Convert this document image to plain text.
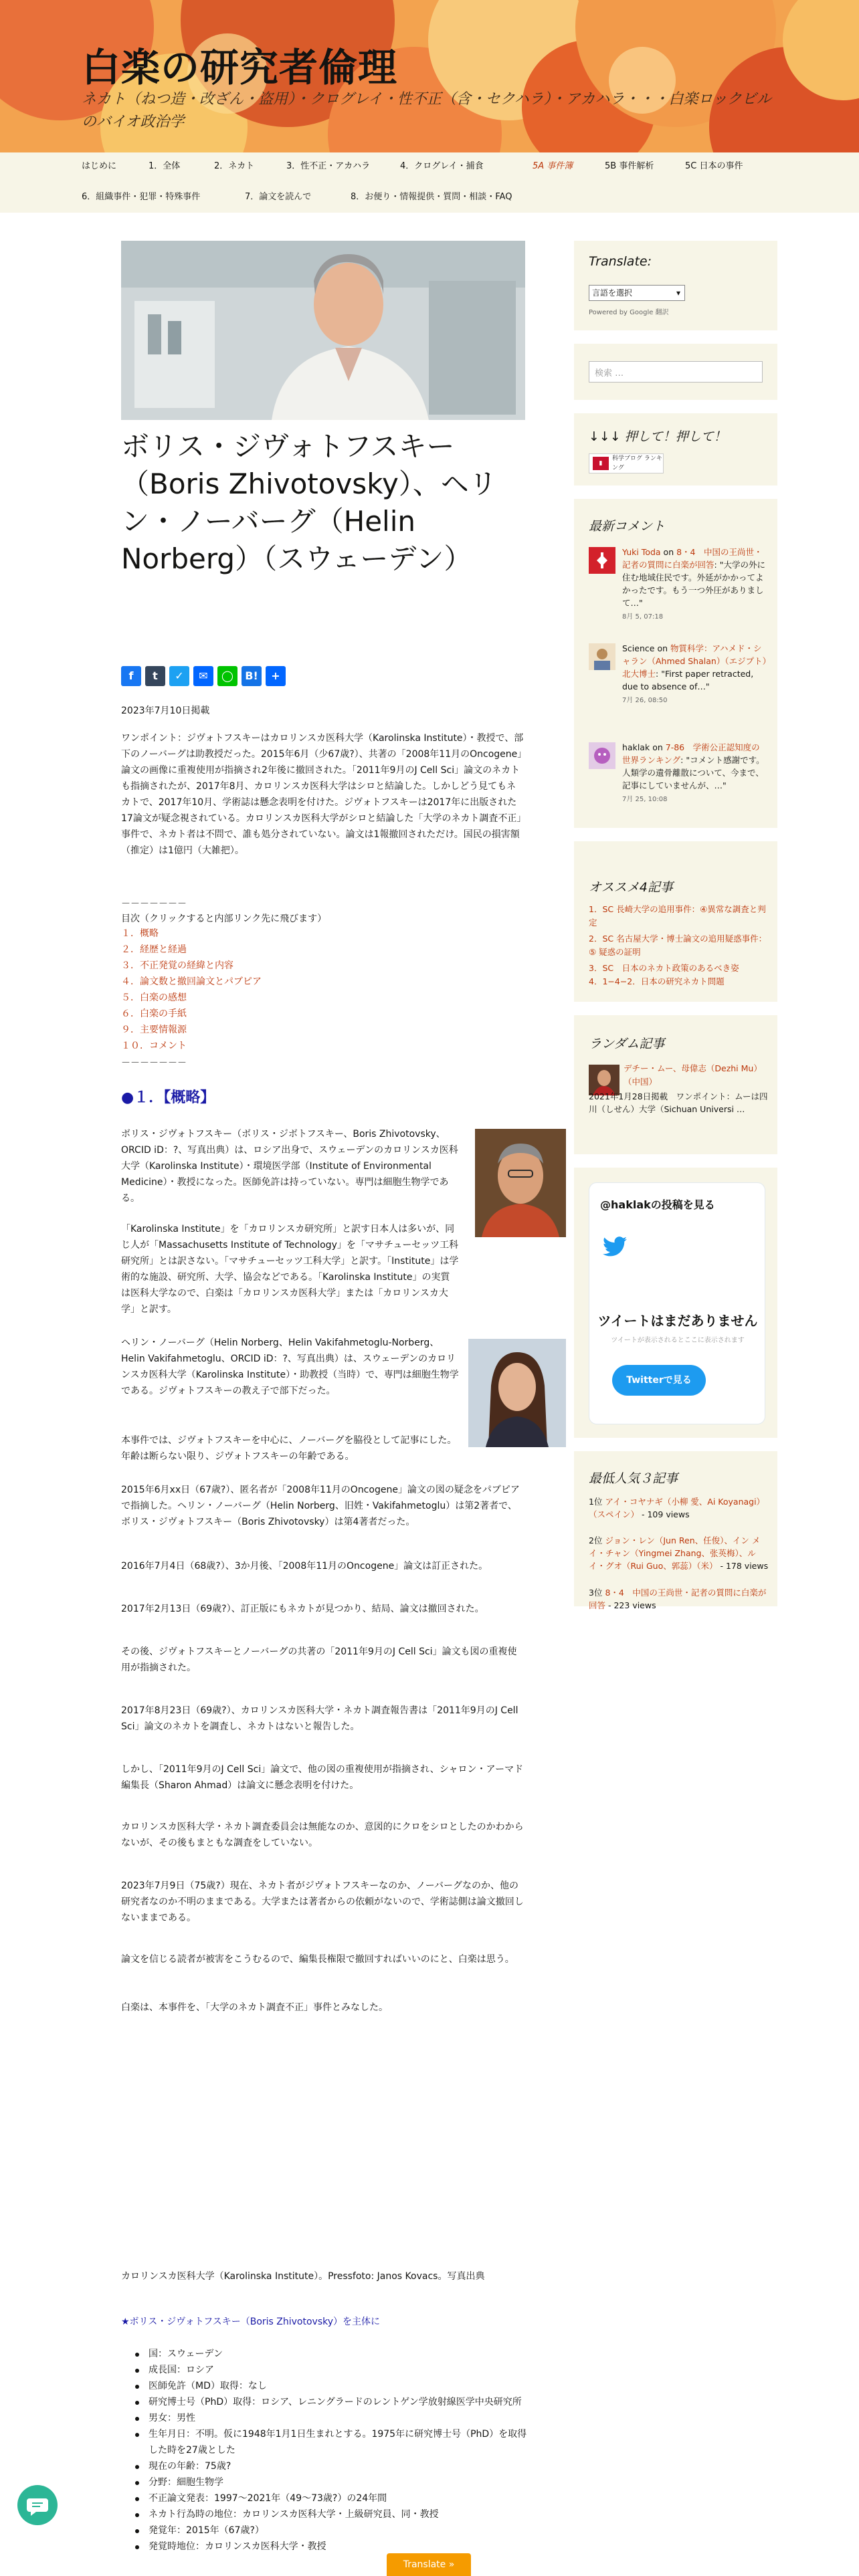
白楽の研究者倫理
ネカト（ねつ造・改ざん・盗用）・クログレイ・性不正（含・セクハラ）・アカハラ・・・白楽ロックビルのバイオ政治学
はじめに	1．全体	2．ネカト	3．性不正・アカハラ	4．クログレイ・捕食	5A 事件簿	5B 事件解析	5C 日本の事件
6．組織事件・犯罪・特殊事件	7．論文を読んで	8．お便り・情報提供・質問・相談・FAQ
ボリス・ジヴォトフスキー（Boris Zhivotovsky）、ヘリン・ノーバーグ（Helin Norberg）（スウェーデン）
f	t	✓	✉	◯	B!	+
2023年7月10日掲載
ワンポイント：ジヴォトフスキーはカロリンスカ医科大学（Karolinska Institute）・教授で、部下のノーバーグは助教授だった。2015年6月（少67歳?）、共著の「2008年11月のOncogene」論文の画像に重複使用が指摘され2年後に撤回された。「2011年9月のJ Cell Sci」論文のネカトも指摘されたが、2017年8月、カロリンスカ医科大学はシロと結論した。しかしどう見てもネカトで、2017年10月、学術誌は懸念表明を付けた。ジヴォトフスキーは2017年に出版された17論文が疑念視されている。カロリンスカ医科大学がシロと結論した「大学のネカト調査不正」事件で、ネカト者は不問で、誰も処分されていない。論文は1報撤回されただけ。国民の損害額（推定）は1億円（大雑把）。
－－－－－－－
目次（クリックすると内部リンク先に飛びます）
１．概略
２．経歴と経過
３．不正発覚の経緯と内容
４．論文数と撤回論文とパブピア
５．白楽の感想
６．白楽の手紙
９．主要情報源
１０．コメント
－－－－－－－
●１．【概略】
ボリス・ジヴォトフスキー（ボリス・ジボトフスキー、Boris Zhivotovsky、ORCID iD：?、写真出典）は、ロシア出身で、スウェーデンのカロリンスカ医科大学（Karolinska Institute）・環境医学部（Institute of Environmental Medicine）・教授になった。医師免許は持っていない。専門は細胞生物学である。
「Karolinska Institute」を「カロリンスカ研究所」と訳す日本人は多いが、同じ人が「Massachusetts Institute of Technology」を「マサチューセッツ工科研究所」とは訳さない。「マサチューセッツ工科大学」と訳す。「Institute」は学術的な施設、研究所、大学、協会などである。「Karolinska Institute」の実質は医科大学なので、白楽は「カロリンスカ医科大学」または「カロリンスカ大学」と訳す。
ヘリン・ノーバーグ（Helin Norberg、Helin Vakifahmetoglu-Norberg、Helin Vakifahmetoglu、ORCID iD：?、写真出典）は、スウェーデンのカロリンスカ医科大学（Karolinska Institute）・助教授（当時）で、専門は細胞生物学である。ジヴォトフスキーの教え子で部下だった。
本事件では、ジヴォトフスキーを中心に、ノーバーグを脇役として記事にした。年齢は断らない限り、ジヴォトフスキーの年齢である。
2015年6月xx日（67歳?）、匿名者が「2008年11月のOncogene」論文の図の疑念をパブピアで指摘した。ヘリン・ノーバーグ（Helin Norberg、旧姓・Vakifahmetoglu）は第2著者で、ボリス・ジヴォトフスキー（Boris Zhivotovsky）は第4著者だった。
2016年7月4日（68歳?）、3か月後、「2008年11月のOncogene」論文は訂正された。
2017年2月13日（69歳?）、訂正版にもネカトが見つかり、結局、論文は撤回された。
その後、ジヴォトフスキーとノーバーグの共著の「2011年9月のJ Cell Sci」論文も図の重複使用が指摘された。
2017年8月23日（69歳?）、カロリンスカ医科大学・ネカト調査報告書は「2011年9月のJ Cell Sci」論文のネカトを調査し、ネカトはないと報告した。
しかし、「2011年9月のJ Cell Sci」論文で、他の図の重複使用が指摘され、シャロン・アーマド編集長（Sharon Ahmad）は論文に懸念表明を付けた。
カロリンスカ医科大学・ネカト調査委員会は無能なのか、意図的にクロをシロとしたのかわからないが、その後もまともな調査をしていない。
2023年7月9日（75歳?）現在、ネカト者がジヴォトフスキーなのか、ノーバーグなのか、他の研究者なのか不明のままである。大学または著者からの依頼がないので、学術誌側は論文撤回しないままである。
論文を信じる読者が被害をこうむるので、編集長権限で撤回すればいいのにと、白楽は思う。
白楽は、本事件を、「大学のネカト調査不正」事件とみなした。
カロリンスカ医科大学（Karolinska Institute）。Pressfoto: Janos Kovacs。写真出典
★ボリス・ジヴォトフスキー（Boris Zhivotovsky）を主体に
国：スウェーデン
成長国：ロシア
医師免許（MD）取得：なし
研究博士号（PhD）取得：ロシア、レニングラードのレントゲン学放射線医学中央研究所
男女：男性
生年月日：不明。仮に1948年1月1日生まれとする。1975年に研究博士号（PhD）を取得した時を27歳とした
現在の年齢：75歳?
分野：細胞生物学
不正論文発表：1997〜2021年（49〜73歳?）の24年間
ネカト行為時の地位：カロリンスカ医科大学・上級研究員、同・教授
発覚年：2015年（67歳?）
発覚時地位：カロリンスカ医科大学・教授
Translate:
言語を選択 ▾
Powered by Google 翻訳
検索 …
↓↓↓ 押して！押して！
科学ブログ ランキング
▮
最新コメント
Yuki Toda on 8・4　中国の王尚世・記者の質問に白楽が回答: "大学の外に住む地域住民です。外延がかかってよかったです。もう一つ外圧がありまして…"
8月 5, 07:18
Science on 物質科学：アハメド・シャラン（Ahmed Shalan）（エジプト）北大博士: "First paper retracted, due to absence of…"
7月 26, 08:50
haklak on 7-86　学術公正認知度の世界ランキング: "コメント感謝です。人類学の遺骨離散について、今まで、記事にしていませんが、…"
7月 25, 10:08
オススメ4記事
1．SC 長崎大学の追用事件：④異常な調査と判定
2．SC 名古屋大学・博士論文の追用疑惑事件：⑤ 疑惑の証明
3．SC　日本のネカト政策のあるべき姿
4．1−4−2．日本の研究ネカト問題
ランダム記事
デチー・ムー、母偉志（Dezhi Mu）（中国）
2021年1月28日掲載　ワンポイント：ムーは四川（しせん）大学（Sichuan Universi …
@haklakの投稿を見る
ツイートはまだありません
ツイートが表示されるとここに表示されます
Twitterで見る
最低人気３記事
1位 アイ・コヤナギ（小柳 愛、Ai Koyanagi）（スペイン） - 109 views
2位 ジョン・レン（Jun Ren、任俊）、イン メイ・チャン（Yingmei Zhang、张英梅）、ルイ・グオ（Rui Guo、郭蕊）（米） - 178 views
3位 8・4　中国の王尚世・記者の質問に白楽が回答 - 223 views
Translate »
